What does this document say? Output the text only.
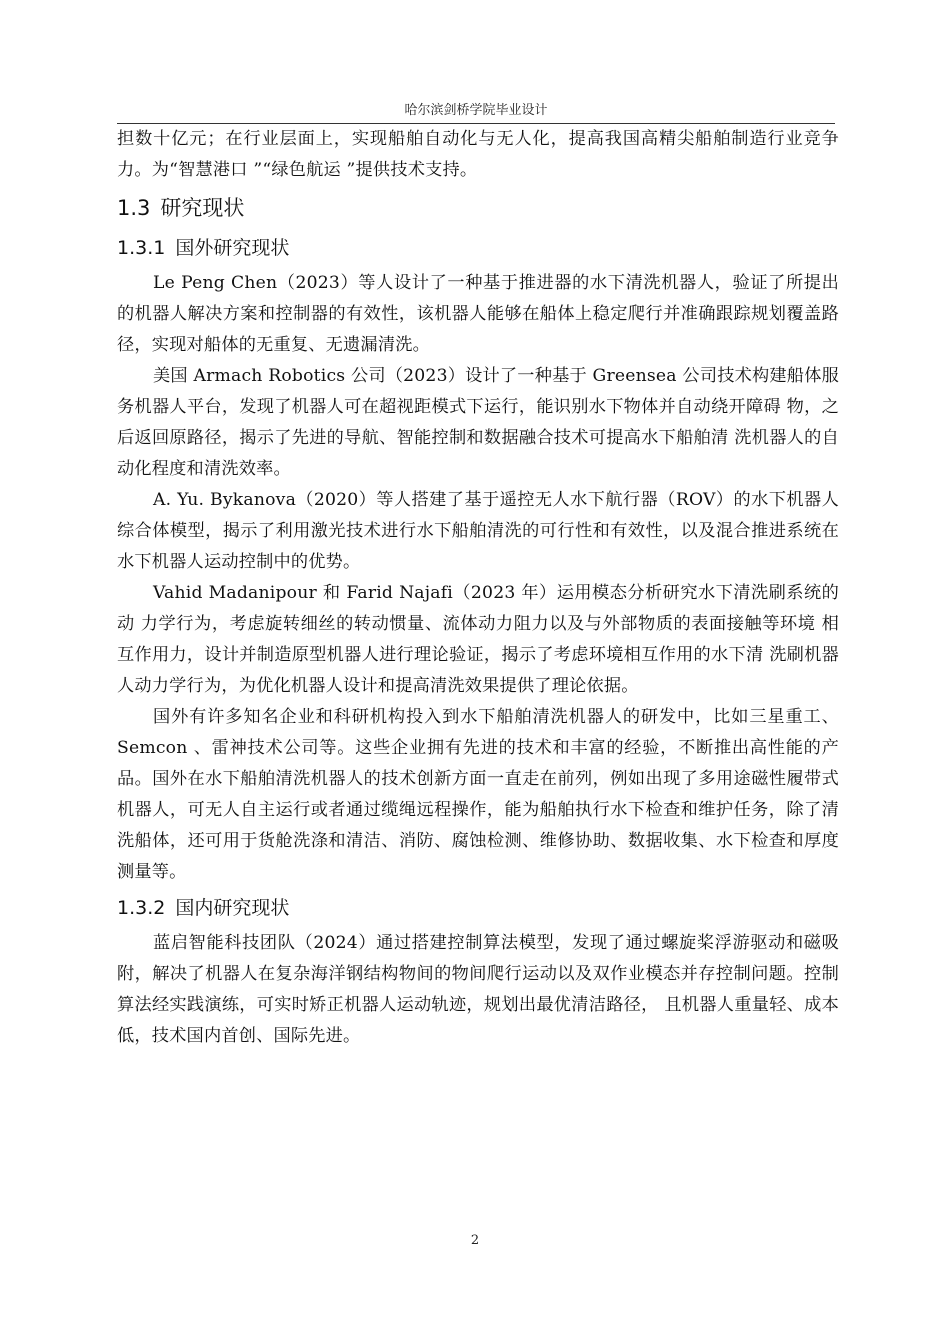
哈尔滨剑桥学院毕业设计

担数十亿元；在行业层面上，实现船舶自动化与无人化，提高我国高精尖船舶制造行业竞争力。为“智慧港口 ”“绿色航运 ”提供技术支持。

1.3 研究现状
1.3.1 国外研究现状

Le Peng Chen（2023）等人设计了一种基于推进器的水下清洗机器人，验证了所提出的机器人解决方案和控制器的有效性，该机器人能够在船体上稳定爬行并准确跟踪规划覆盖路径，实现对船体的无重复、无遗漏清洗。

美国 Armach Robotics 公司（2023）设计了一种基于 Greensea 公司技术构建船体服 务机器人平台，发现了机器人可在超视距模式下运行，能识别水下物体并自动绕开障碍 物，之后返回原路径，揭示了先进的导航、智能控制和数据融合技术可提高水下船舶清 洗机器人的自动化程度和清洗效率。

A. Yu. Bykanova（2020）等人搭建了基于遥控无人水下航行器（ROV）的水下机器人综合体模型，揭示了利用激光技术进行水下船舶清洗的可行性和有效性，以及混合推进系统在水下机器人运动控制中的优势。

Vahid Madanipour 和 Farid Najafi（2023 年）运用模态分析研究水下清洗刷系统的动 力学行为，考虑旋转细丝的转动惯量、流体动力阻力以及与外部物质的表面接触等环境 相互作用力，设计并制造原型机器人进行理论验证，揭示了考虑环境相互作用的水下清 洗刷机器人动力学行为，为优化机器人设计和提高清洗效果提供了理论依据。

国外有许多知名企业和科研机构投入到水下船舶清洗机器人的研发中，比如三星重工、Semcon 、雷神技术公司等。这些企业拥有先进的技术和丰富的经验，不断推出高性能的产品。国外在水下船舶清洗机器人的技术创新方面一直走在前列，例如出现了多用途磁性履带式机器人，可无人自主运行或者通过缆绳远程操作，能为船舶执行水下检查和维护任务，除了清洗船体，还可用于货舱洗涤和清洁、消防、腐蚀检测、维修协助、数据收集、水下检查和厚度测量等。

1.3.2 国内研究现状

蓝启智能科技团队（2024）通过搭建控制算法模型，发现了通过螺旋桨浮游驱动和磁吸附，解决了机器人在复杂海洋钢结构物间的物间爬行运动以及双作业模态并存控制问题。控制算法经实践演练，可实时矫正机器人运动轨迹，规划出最优清洁路径， 且机器人重量轻、成本低，技术国内首创、国际先进。

2
